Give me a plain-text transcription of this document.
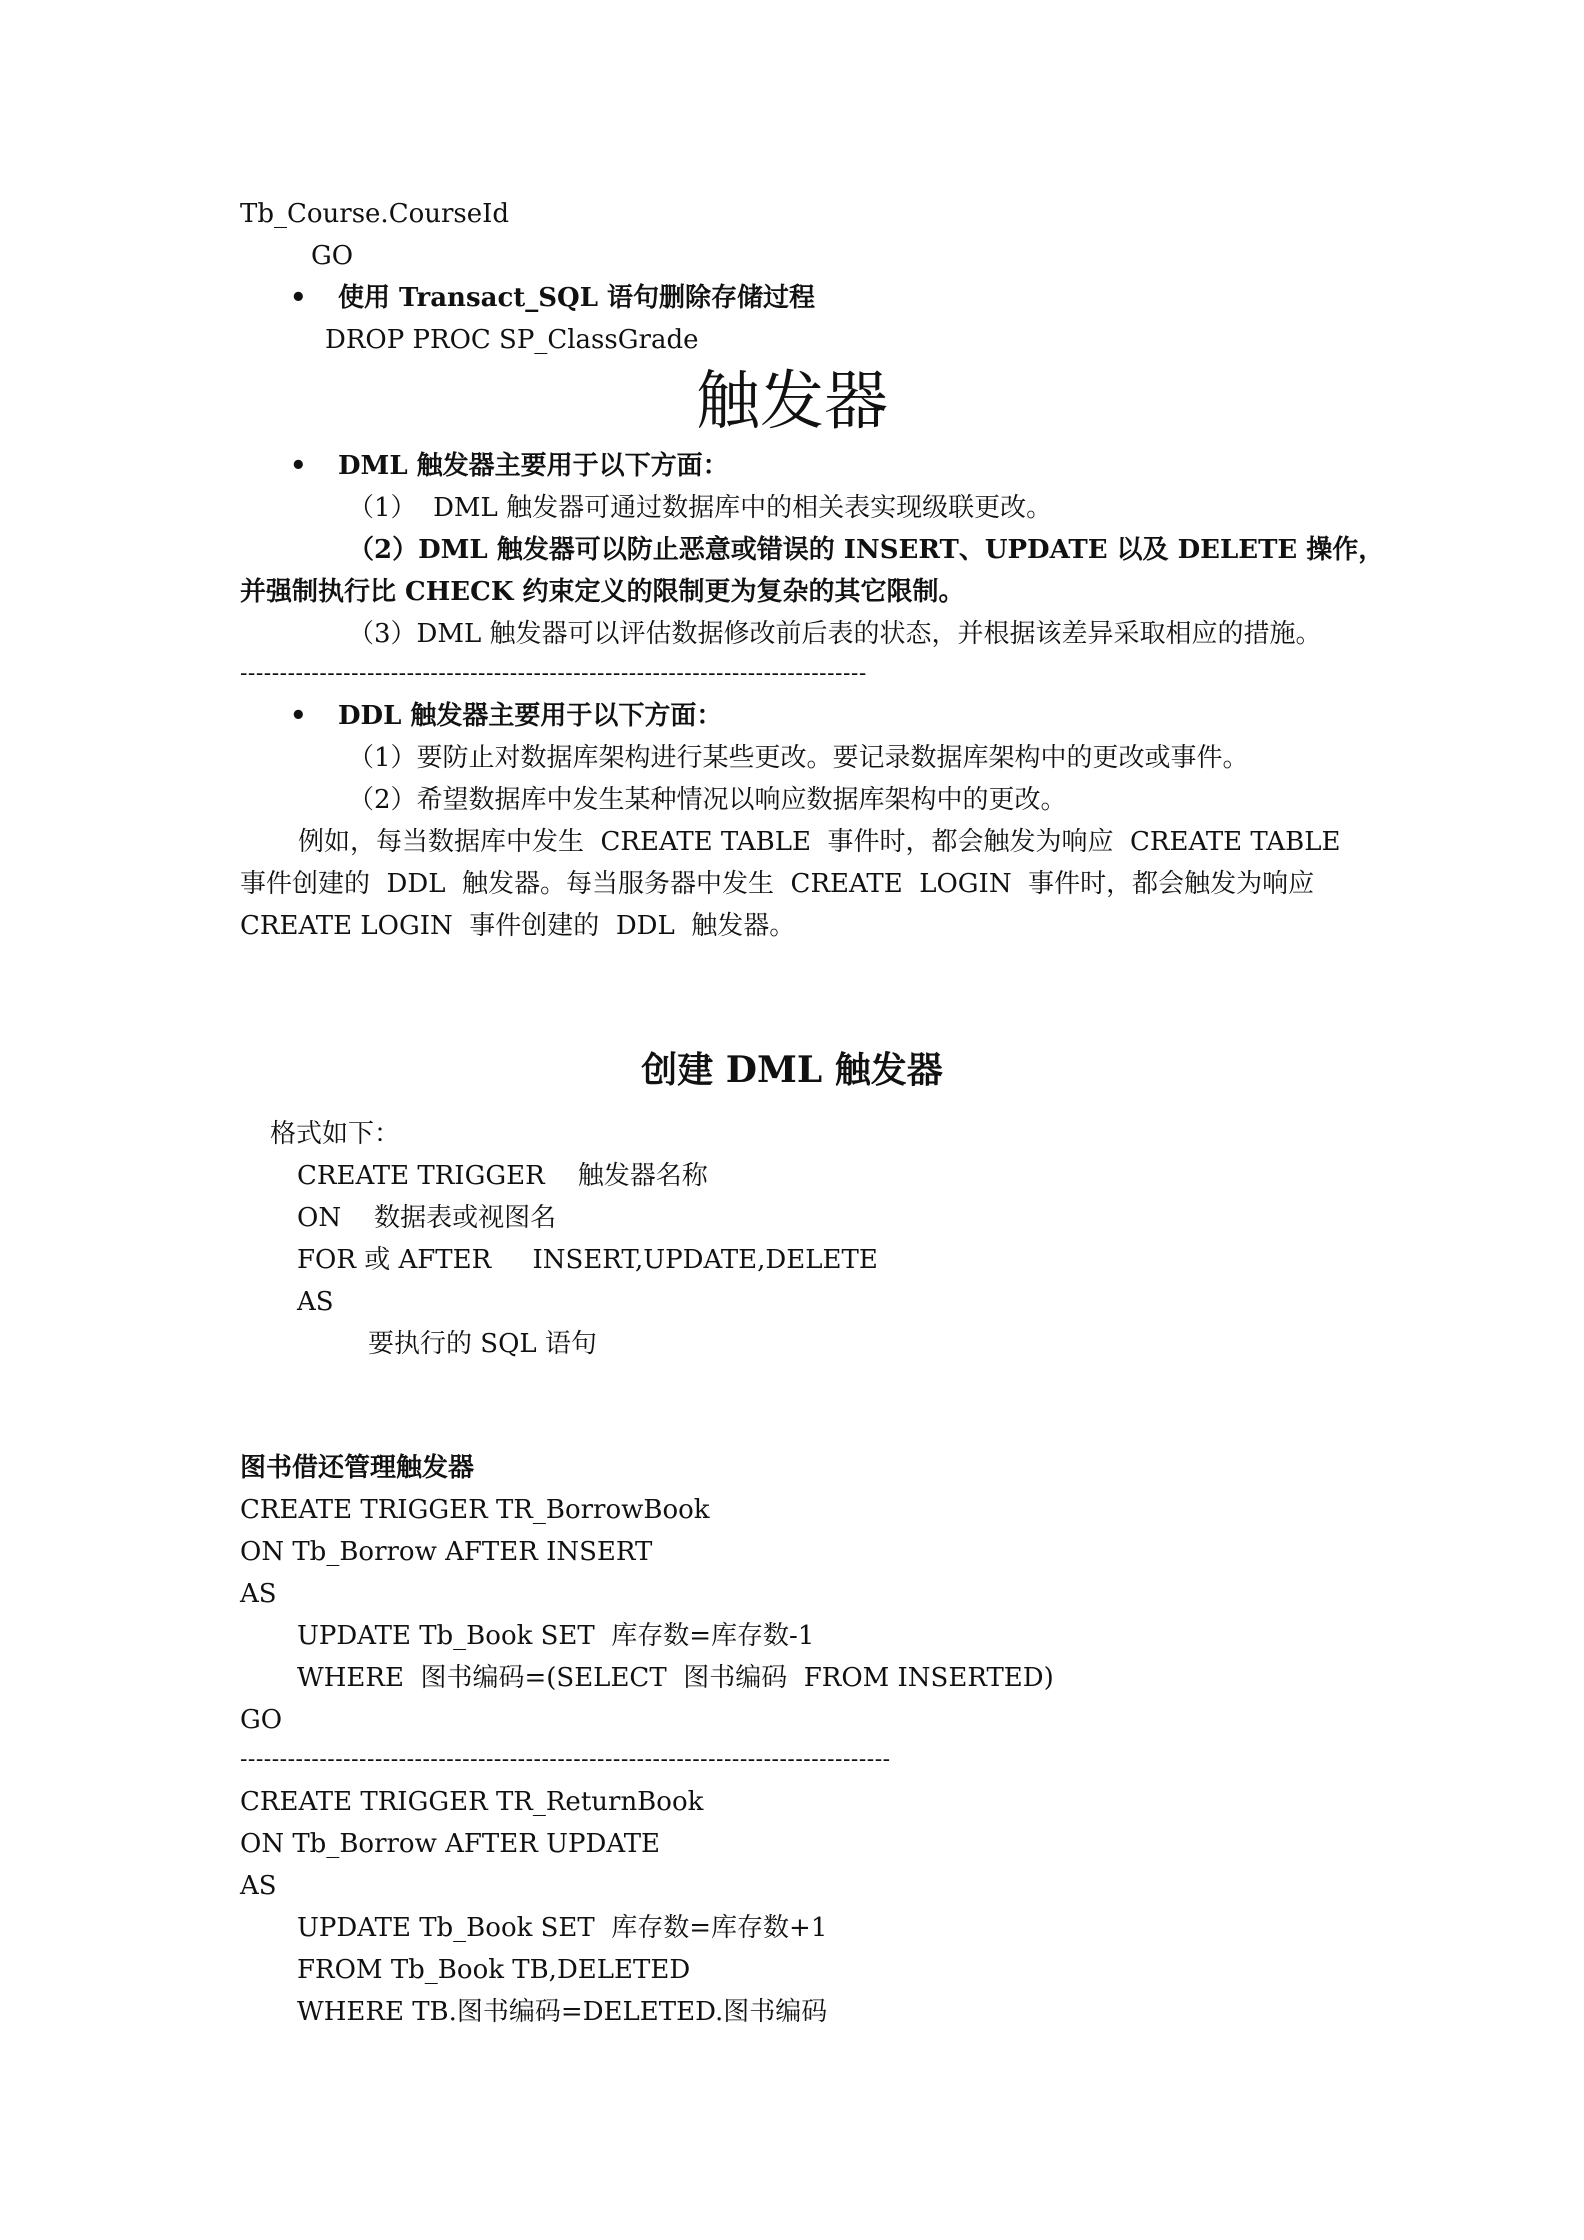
Tb_Course.CourseId
GO
• 使用 Transact_SQL 语句删除存储过程
DROP PROC SP_ClassGrade
触发器
• DML 触发器主要用于以下方面：
（1）  DML 触发器可通过数据库中的相关表实现级联更改。
（2）DML 触发器可以防止恶意或错误的 INSERT、UPDATE 以及 DELETE 操作，
并强制执行比 CHECK 约束定义的限制更为复杂的其它限制。
（3）DML 触发器可以评估数据修改前后表的状态，并根据该差异采取相应的措施。
-------------------------------------------------------------------------------
• DDL 触发器主要用于以下方面：
（1）要防止对数据库架构进行某些更改。要记录数据库架构中的更改或事件。
（2）希望数据库中发生某种情况以响应数据库架构中的更改。
例如，每当数据库中发生  CREATE TABLE  事件时，都会触发为响应  CREATE TABLE
事件创建的  DDL  触发器。每当服务器中发生  CREATE  LOGIN  事件时，都会触发为响应
CREATE LOGIN  事件创建的  DDL  触发器。
创建 DML 触发器
格式如下：
CREATE TRIGGER    触发器名称
ON    数据表或视图名
FOR 或 AFTER     INSERT,UPDATE,DELETE
AS
要执行的 SQL 语句
图书借还管理触发器
CREATE TRIGGER TR_BorrowBook
ON Tb_Borrow AFTER INSERT
AS
UPDATE Tb_Book SET  库存数=库存数-1
WHERE  图书编码=(SELECT  图书编码  FROM INSERTED)
GO
----------------------------------------------------------------------------------
CREATE TRIGGER TR_ReturnBook
ON Tb_Borrow AFTER UPDATE
AS
UPDATE Tb_Book SET  库存数=库存数+1
FROM Tb_Book TB,DELETED
WHERE TB.图书编码=DELETED.图书编码
